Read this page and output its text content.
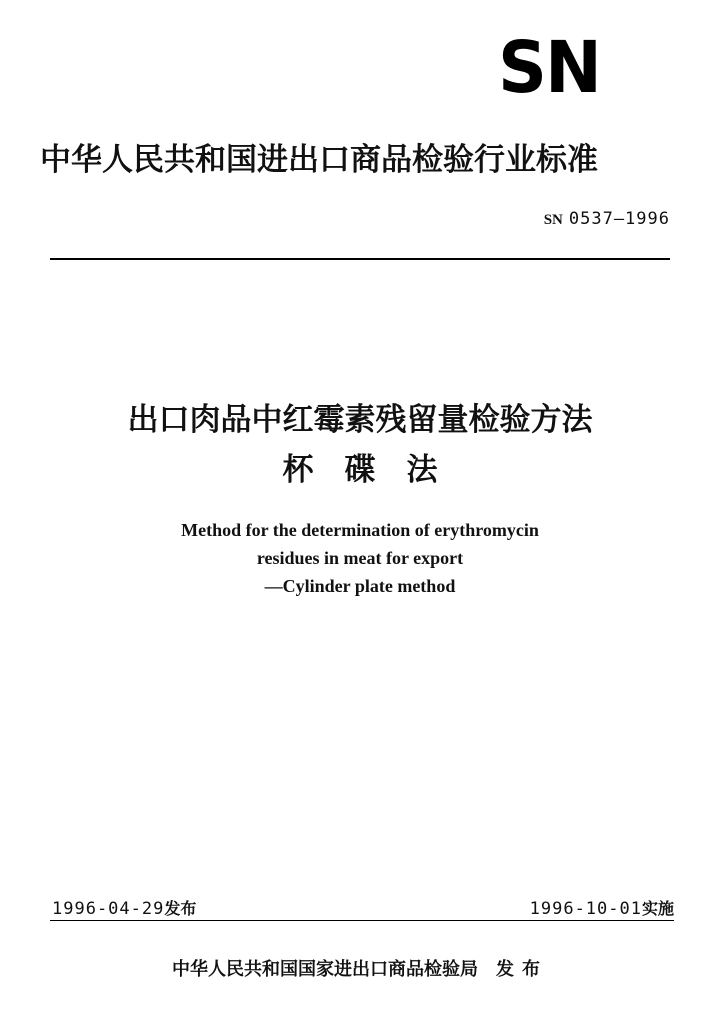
SN
中华人民共和国进出口商品检验行业标准
SN 0537—1996
出口肉品中红霉素残留量检验方法
杯　碟　法
Method for the determination of erythromycin
residues in meat for export
—Cylinder plate method
1996-04-29发布	1996-10-01实施
中华人民共和国国家进出口商品检验局 发布
